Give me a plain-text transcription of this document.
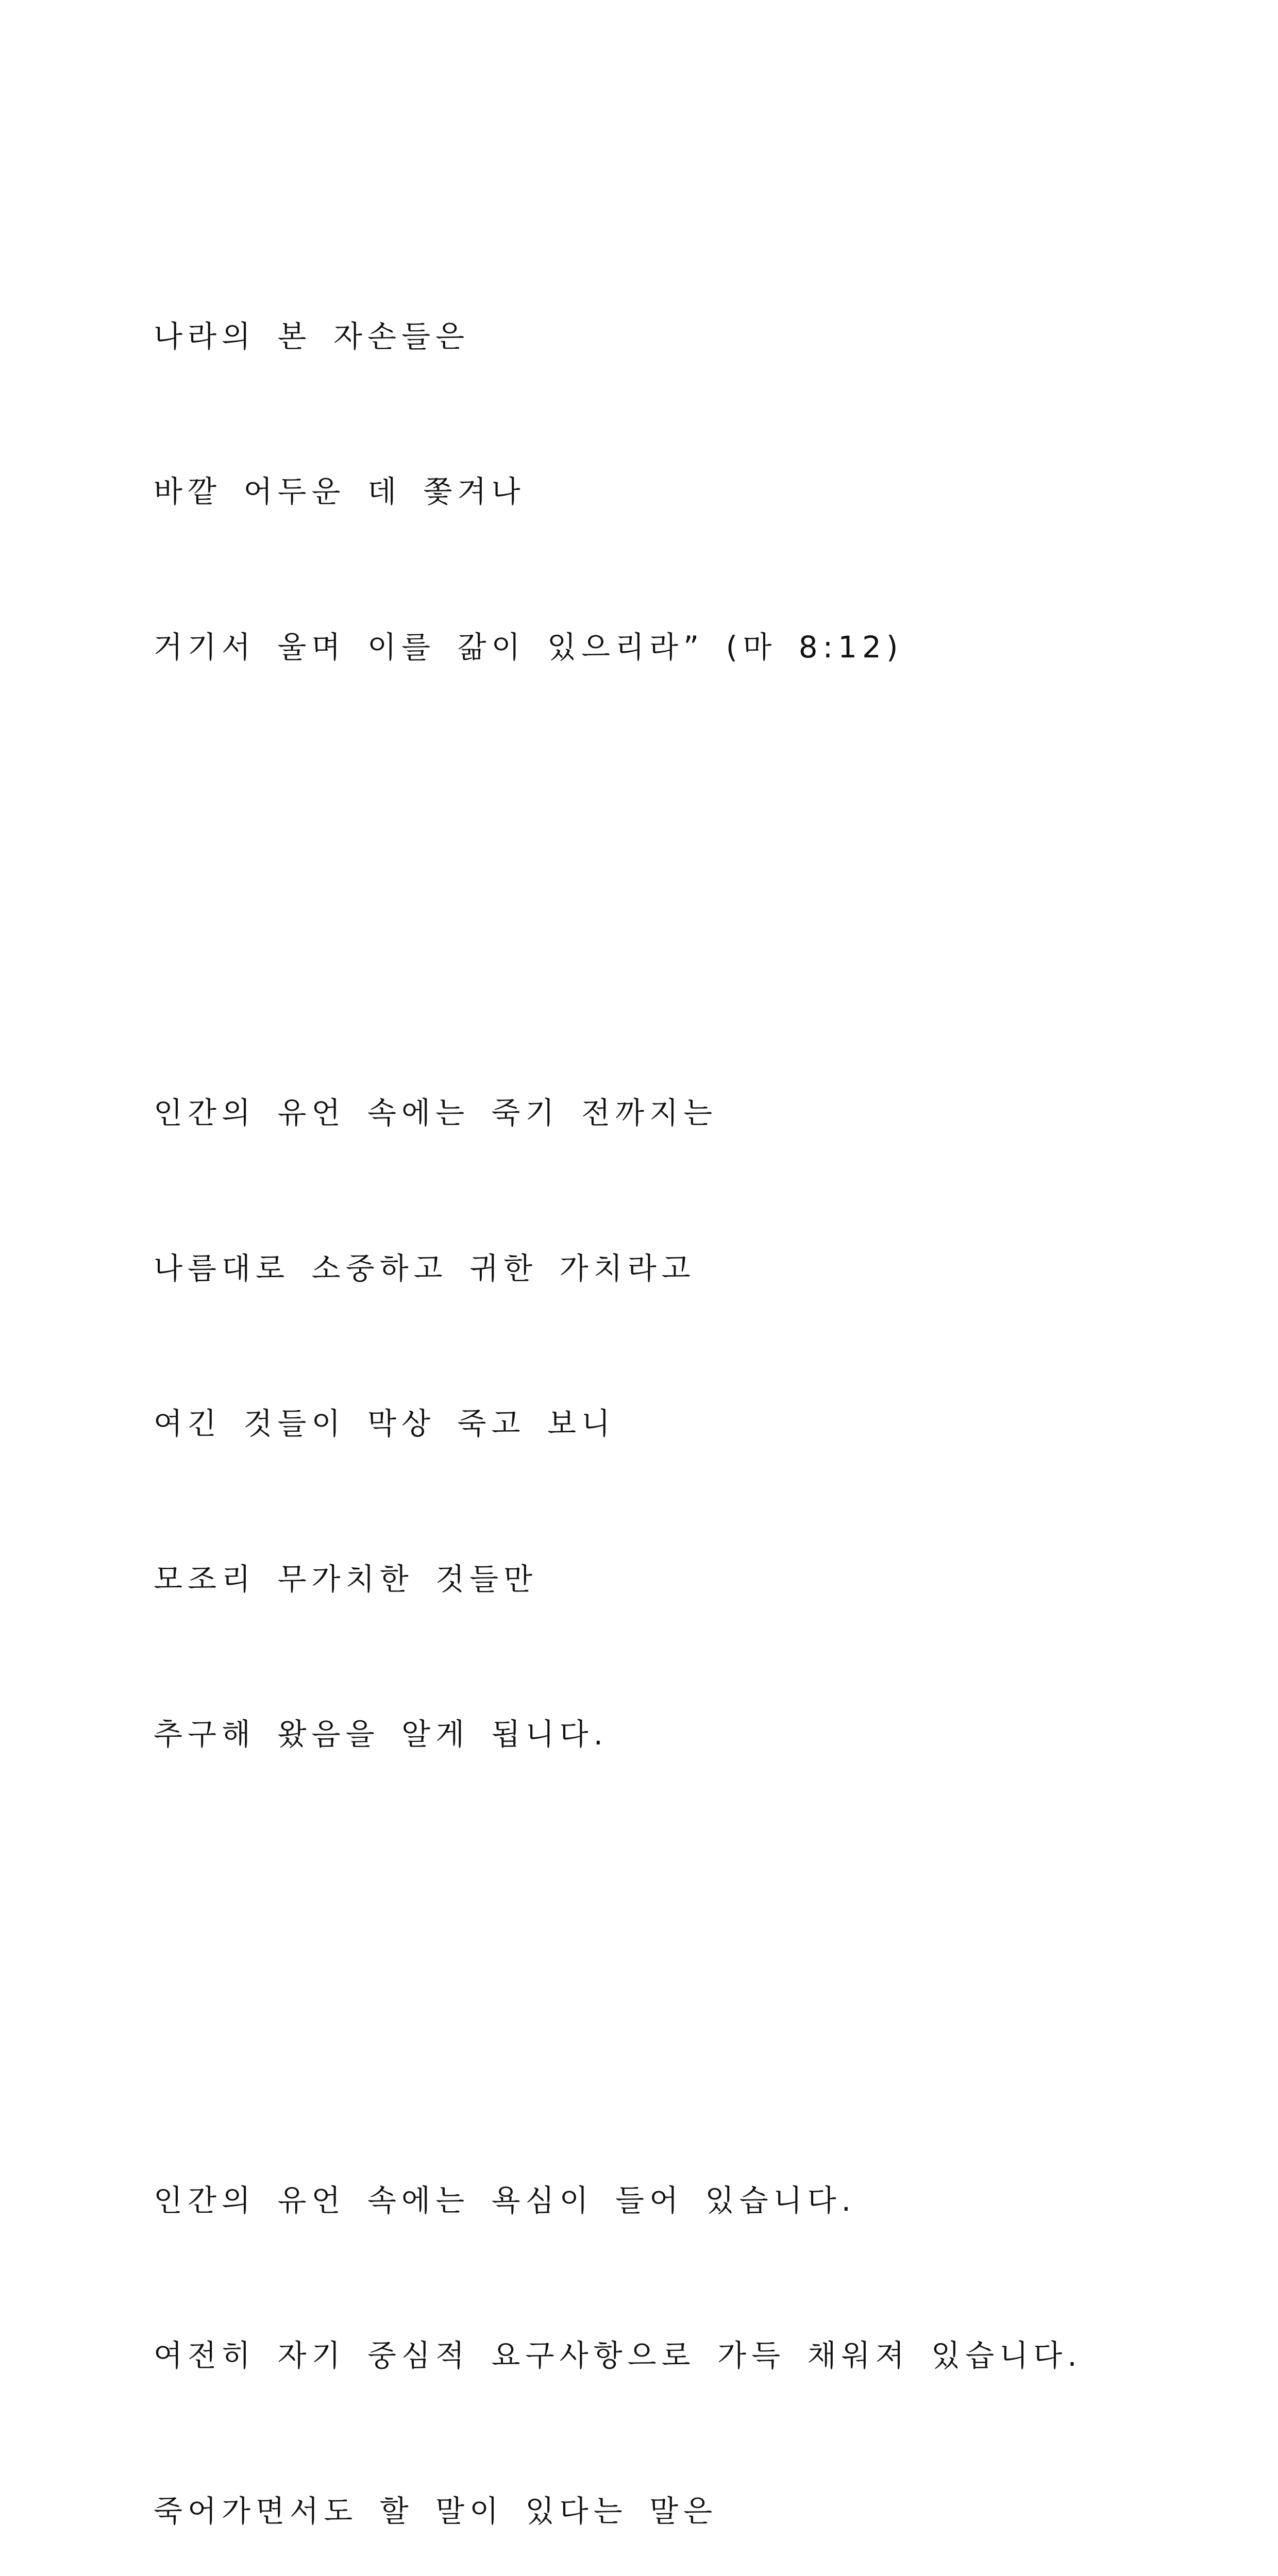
나라의 본 자손들은

바깥 어두운 데 쫓겨나

거기서 울며 이를 갊이 있으리라” (마 8:12)

인간의 유언 속에는 죽기 전까지는

나름대로 소중하고 귀한 가치라고

여긴 것들이 막상 죽고 보니

모조리 무가치한 것들만

추구해 왔음을 알게 됩니다.

인간의 유언 속에는 욕심이 들어 있습니다.

여전히 자기 중심적 요구사항으로 가득 채워져 있습니다.

죽어가면서도 할 말이 있다는 말은
